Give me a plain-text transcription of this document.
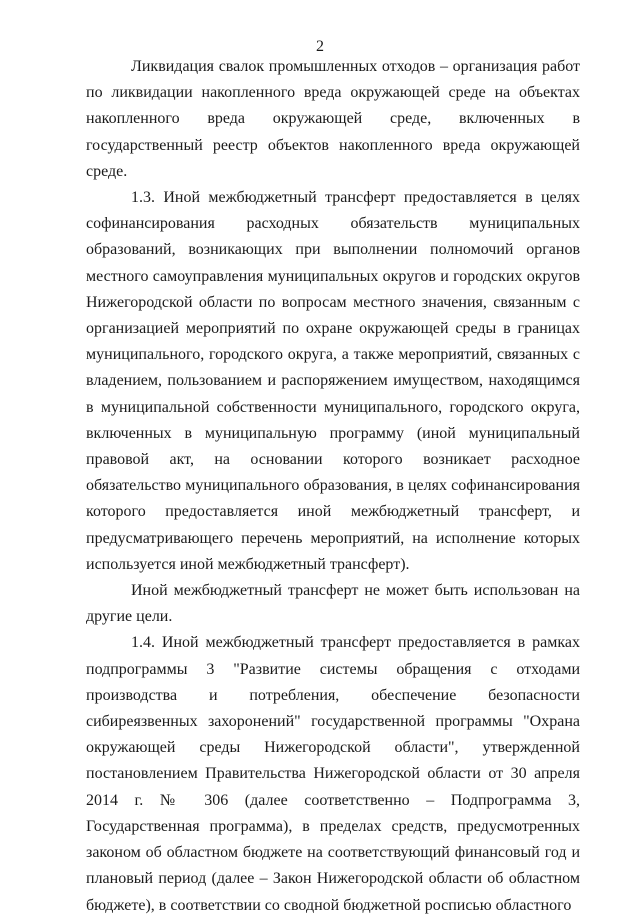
2

Ликвидация свалок промышленных отходов – организация работ по ликвидации накопленного вреда окружающей среде на объектах накопленного вреда окружающей среде, включенных в государственный реестр объектов накопленного вреда окружающей среде.

1.3. Иной межбюджетный трансферт предоставляется в целях софинансирования расходных обязательств муниципальных образований, возникающих при выполнении полномочий органов местного самоуправления муниципальных округов и городских округов Нижегородской области по вопросам местного значения, связанным с организацией мероприятий по охране окружающей среды в границах муниципального, городского округа, а также мероприятий, связанных с владением, пользованием и распоряжением имуществом, находящимся в муниципальной собственности муниципального, городского округа, включенных в муниципальную программу (иной муниципальный правовой акт, на основании которого возникает расходное обязательство муниципального образования, в целях софинансирования которого предоставляется иной межбюджетный трансферт, и предусматривающего перечень мероприятий, на исполнение которых используется иной межбюджетный трансферт).

Иной межбюджетный трансферт не может быть использован на другие цели.

1.4. Иной межбюджетный трансферт предоставляется в рамках подпрограммы 3 "Развитие системы обращения с отходами производства и потребления, обеспечение безопасности сибиреязвенных захоронений" государственной программы "Охрана окружающей среды Нижегородской области", утвержденной постановлением Правительства Нижегородской области от 30 апреля 2014 г. № 306 (далее соответственно – Подпрограмма 3, Государственная программа), в пределах средств, предусмотренных законом об областном бюджете на соответствующий финансовый год и плановый период (далее – Закон Нижегородской области об областном бюджете), в соответствии со сводной бюджетной росписью областного
